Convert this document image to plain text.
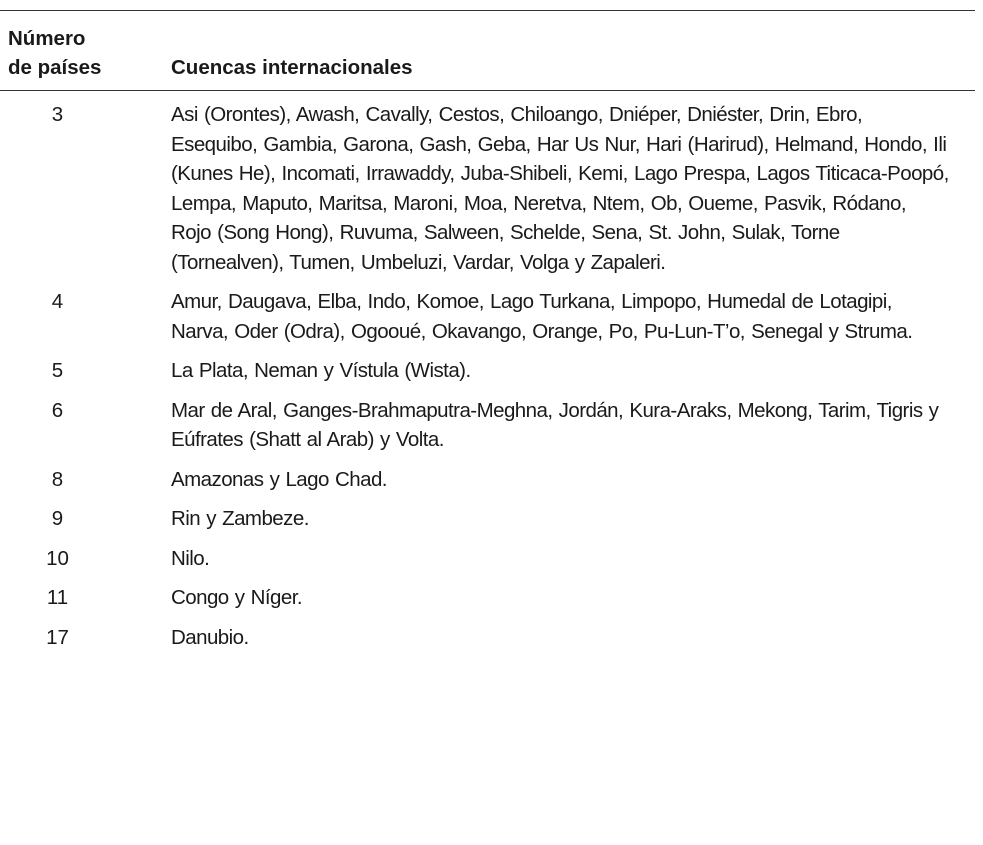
Número
de países	Cuencas internacionales
3	Asi (Orontes), Awash, Cavally, Cestos, Chiloango, Dniéper, Dniéster, Drin, Ebro, Esequibo, Gambia, Garona, Gash, Geba, Har Us Nur, Hari (Harirud), Helmand, Hondo, Ili (Kunes He), Incomati, Irrawaddy, Juba-Shibeli, Kemi, Lago Prespa, Lagos Titicaca-Poopó, Lempa, Maputo, Maritsa, Maroni, Moa, Neretva, Ntem, Ob, Oueme, Pasvik, Ródano, Rojo (Song Hong), Ruvuma, Salween, Schelde, Sena, St. John, Sulak, Torne (Tornealven), Tumen, Umbeluzi, Vardar, Volga y Zapaleri.
4	Amur, Daugava, Elba, Indo, Komoe, Lago Turkana, Limpopo, Humedal de Lotagipi, Narva, Oder (Odra), Ogooué, Okavango, Orange, Po, Pu-Lun-T’o, Senegal y Struma.
5	La Plata, Neman y Vístula (Wista).
6	Mar de Aral, Ganges-Brahmaputra-Meghna, Jordán, Kura-Araks, Mekong, Tarim, Tigris y Eúfrates (Shatt al Arab) y Volta.
8	Amazonas y Lago Chad.
9	Rin y Zambeze.
10	Nilo.
11	Congo y Níger.
17	Danubio.
